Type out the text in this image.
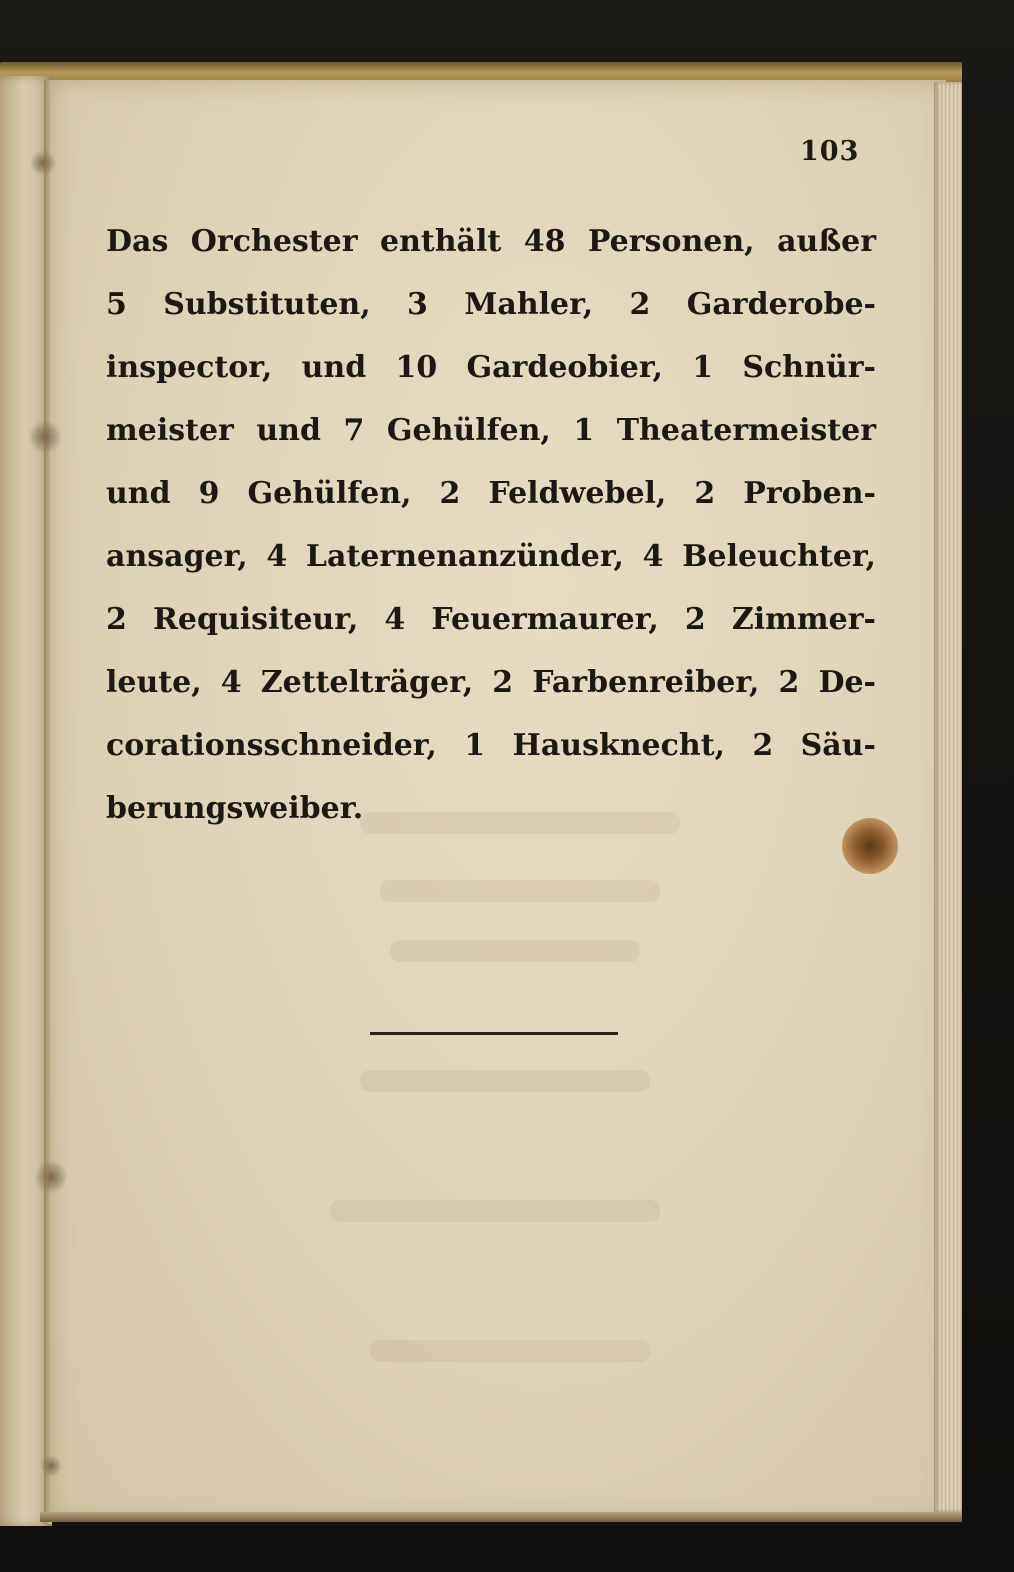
103
Das Orchester enthält 48 Personen, außer
5 Substituten, 3 Mahler, 2 Garderobe-
inspector, und 10 Gardeobier, 1 Schnür-
meister und 7 Gehülfen, 1 Theatermeister
und 9 Gehülfen, 2 Feldwebel, 2 Proben-
ansager, 4 Laternenanzünder, 4 Beleuchter,
2 Requisiteur, 4 Feuermaurer, 2 Zimmer-
leute, 4 Zettelträger, 2 Farbenreiber, 2 De-
corationsschneider, 1 Hausknecht, 2 Säu-
berungsweiber.
